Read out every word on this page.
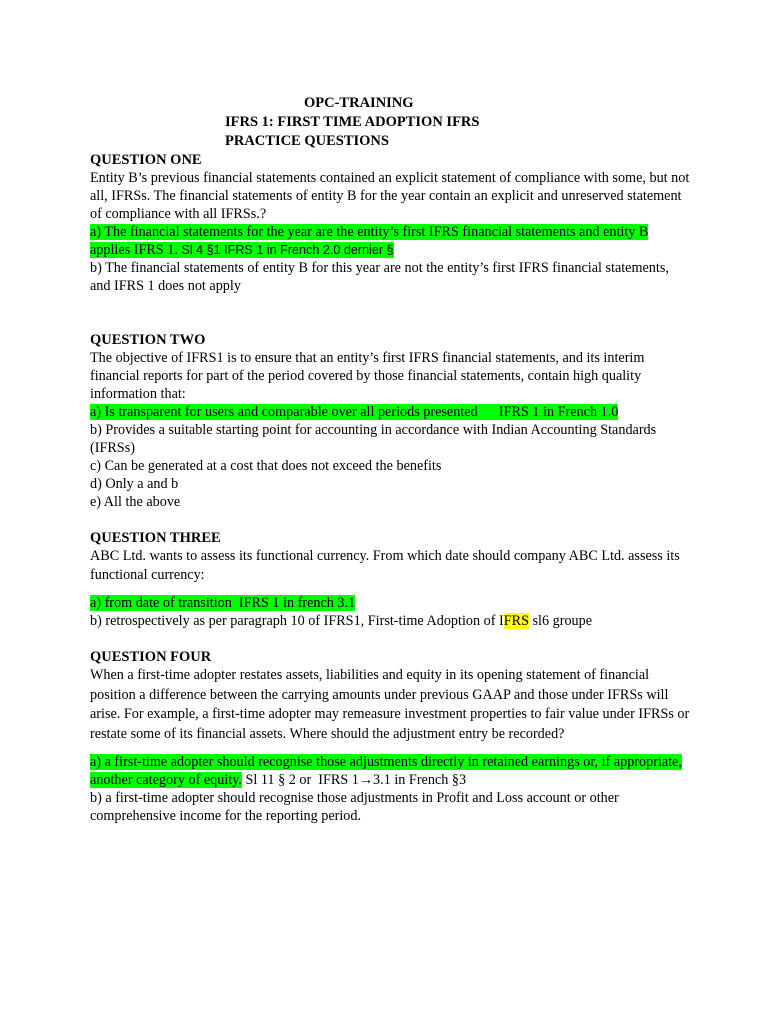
OPC-TRAINING
IFRS 1: FIRST TIME ADOPTION IFRS
PRACTICE QUESTIONS
QUESTION ONE

Entity B’s previous financial statements contained an explicit statement of compliance with some, but not all, IFRSs. The financial statements of entity B for the year contain an explicit and unreserved statement of compliance with all IFRSs.?

a) The financial statements for the year are the entity’s first IFRS financial statements and entity B applies IFRS 1. Sl 4 §1 IFRS 1 in French 2.0 dernier §

b) The financial statements of entity B for this year are not the entity’s first IFRS financial statements, and IFRS 1 does not apply

QUESTION TWO

The objective of IFRS1 is to ensure that an entity’s first IFRS financial statements, and its interim financial reports for part of the period covered by those financial statements, contain high quality information that:

a) Is transparent for users and comparable over all periods presented      IFRS 1 in French 1.0

b) Provides a suitable starting point for accounting in accordance with Indian Accounting Standards (IFRSs)

c) Can be generated at a cost that does not exceed the benefits

d) Only a and b

e) All the above

QUESTION THREE

ABC Ltd. wants to assess its functional currency. From which date should company ABC Ltd. assess its functional currency:

a) from date of transition  IFRS 1 in french 3.1

b) retrospectively as per paragraph 10 of IFRS1, First-time Adoption of IFRS sl6 groupe

QUESTION FOUR

When a first-time adopter restates assets, liabilities and equity in its opening statement of financial position a difference between the carrying amounts under previous GAAP and those under IFRSs will arise. For example, a first-time adopter may remeasure investment properties to fair value under IFRSs or restate some of its financial assets. Where should the adjustment entry be recorded?

a) a first-time adopter should recognise those adjustments directly in retained earnings or, if appropriate, another category of equity. Sl 11 § 2 or  IFRS 1→3.1 in French §3

b) a first-time adopter should recognise those adjustments in Profit and Loss account or other comprehensive income for the reporting period.
